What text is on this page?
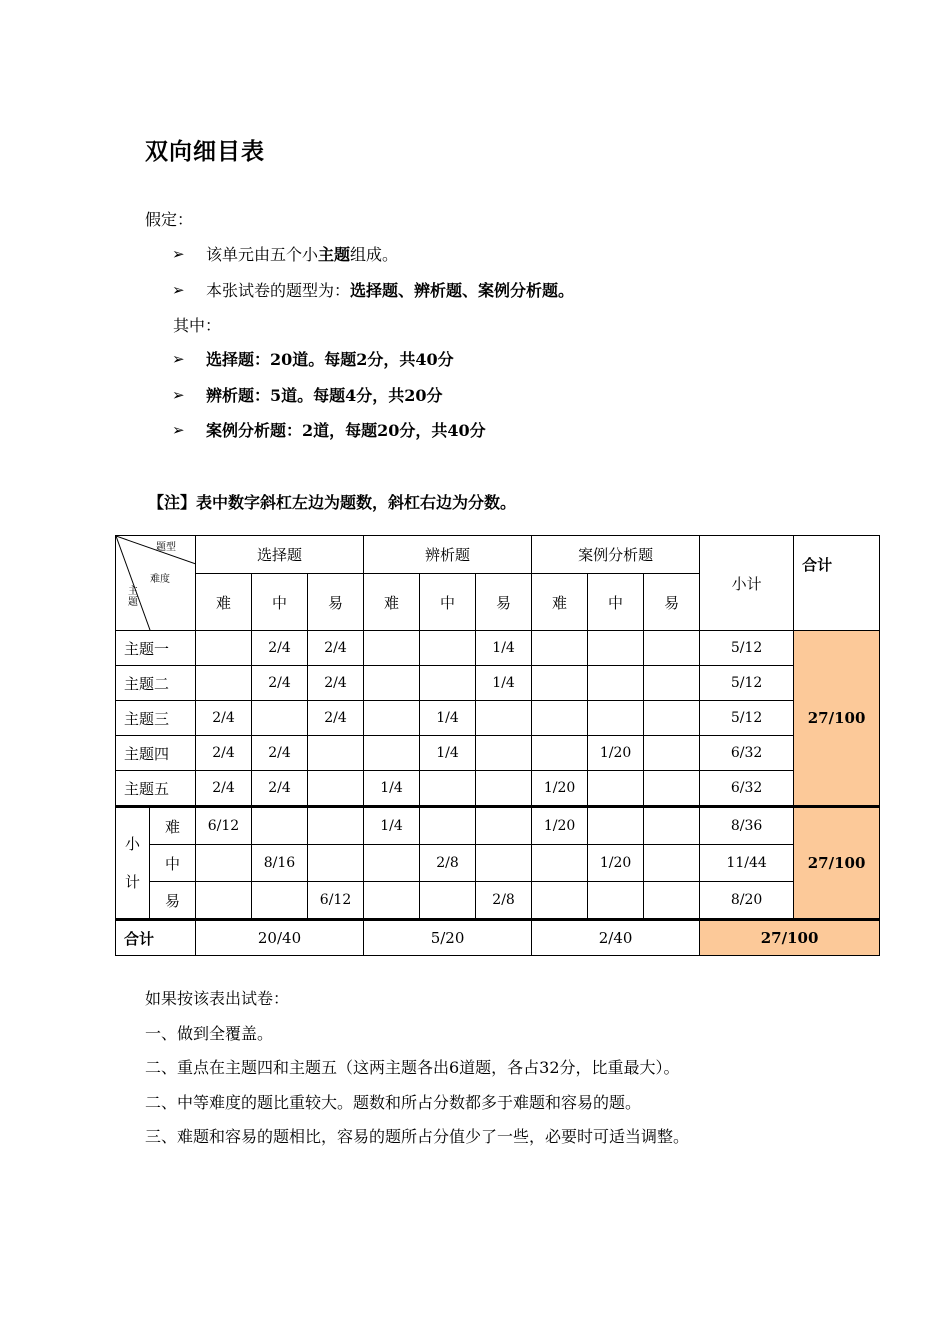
双向细目表
假定：
➢ 该单元由五个小主题组成。
➢ 本张试卷的题型为：选择题、辨析题、案例分析题。
其中：
➢ 选择题：20道。每题2分，共40分
➢ 辨析题：5道。每题4分，共20分
➢ 案例分析题：2道，每题20分，共40分
【注】表中数字斜杠左边为题数，斜杠右边为分数。
题型
难度
主
题		选择题			辨析题			案例分析题			小计	合计
		难	中	易	难	中	易	难	中	易		
主题一			2/4	2/4			1/4				5/12	27/100
主题二			2/4	2/4			1/4				5/12	
主题三		2/4		2/4		1/4					5/12	
主题四		2/4	2/4			1/4			1/20		6/32	
主题五		2/4	2/4		1/4			1/20			6/32	

小
计	难	6/12			1/4			1/20			8/36	27/100
	中		8/16			2/8			1/20		11/44	
	易			6/12			2/8				8/20	
合计		20/40			5/20			2/40			27/100	
如果按该表出试卷：
一、做到全覆盖。
二、重点在主题四和主题五（这两主题各出6道题，各占32分，比重最大）。
二、中等难度的题比重较大。题数和所占分数都多于难题和容易的题。
三、难题和容易的题相比，容易的题所占分值少了一些，必要时可适当调整。
